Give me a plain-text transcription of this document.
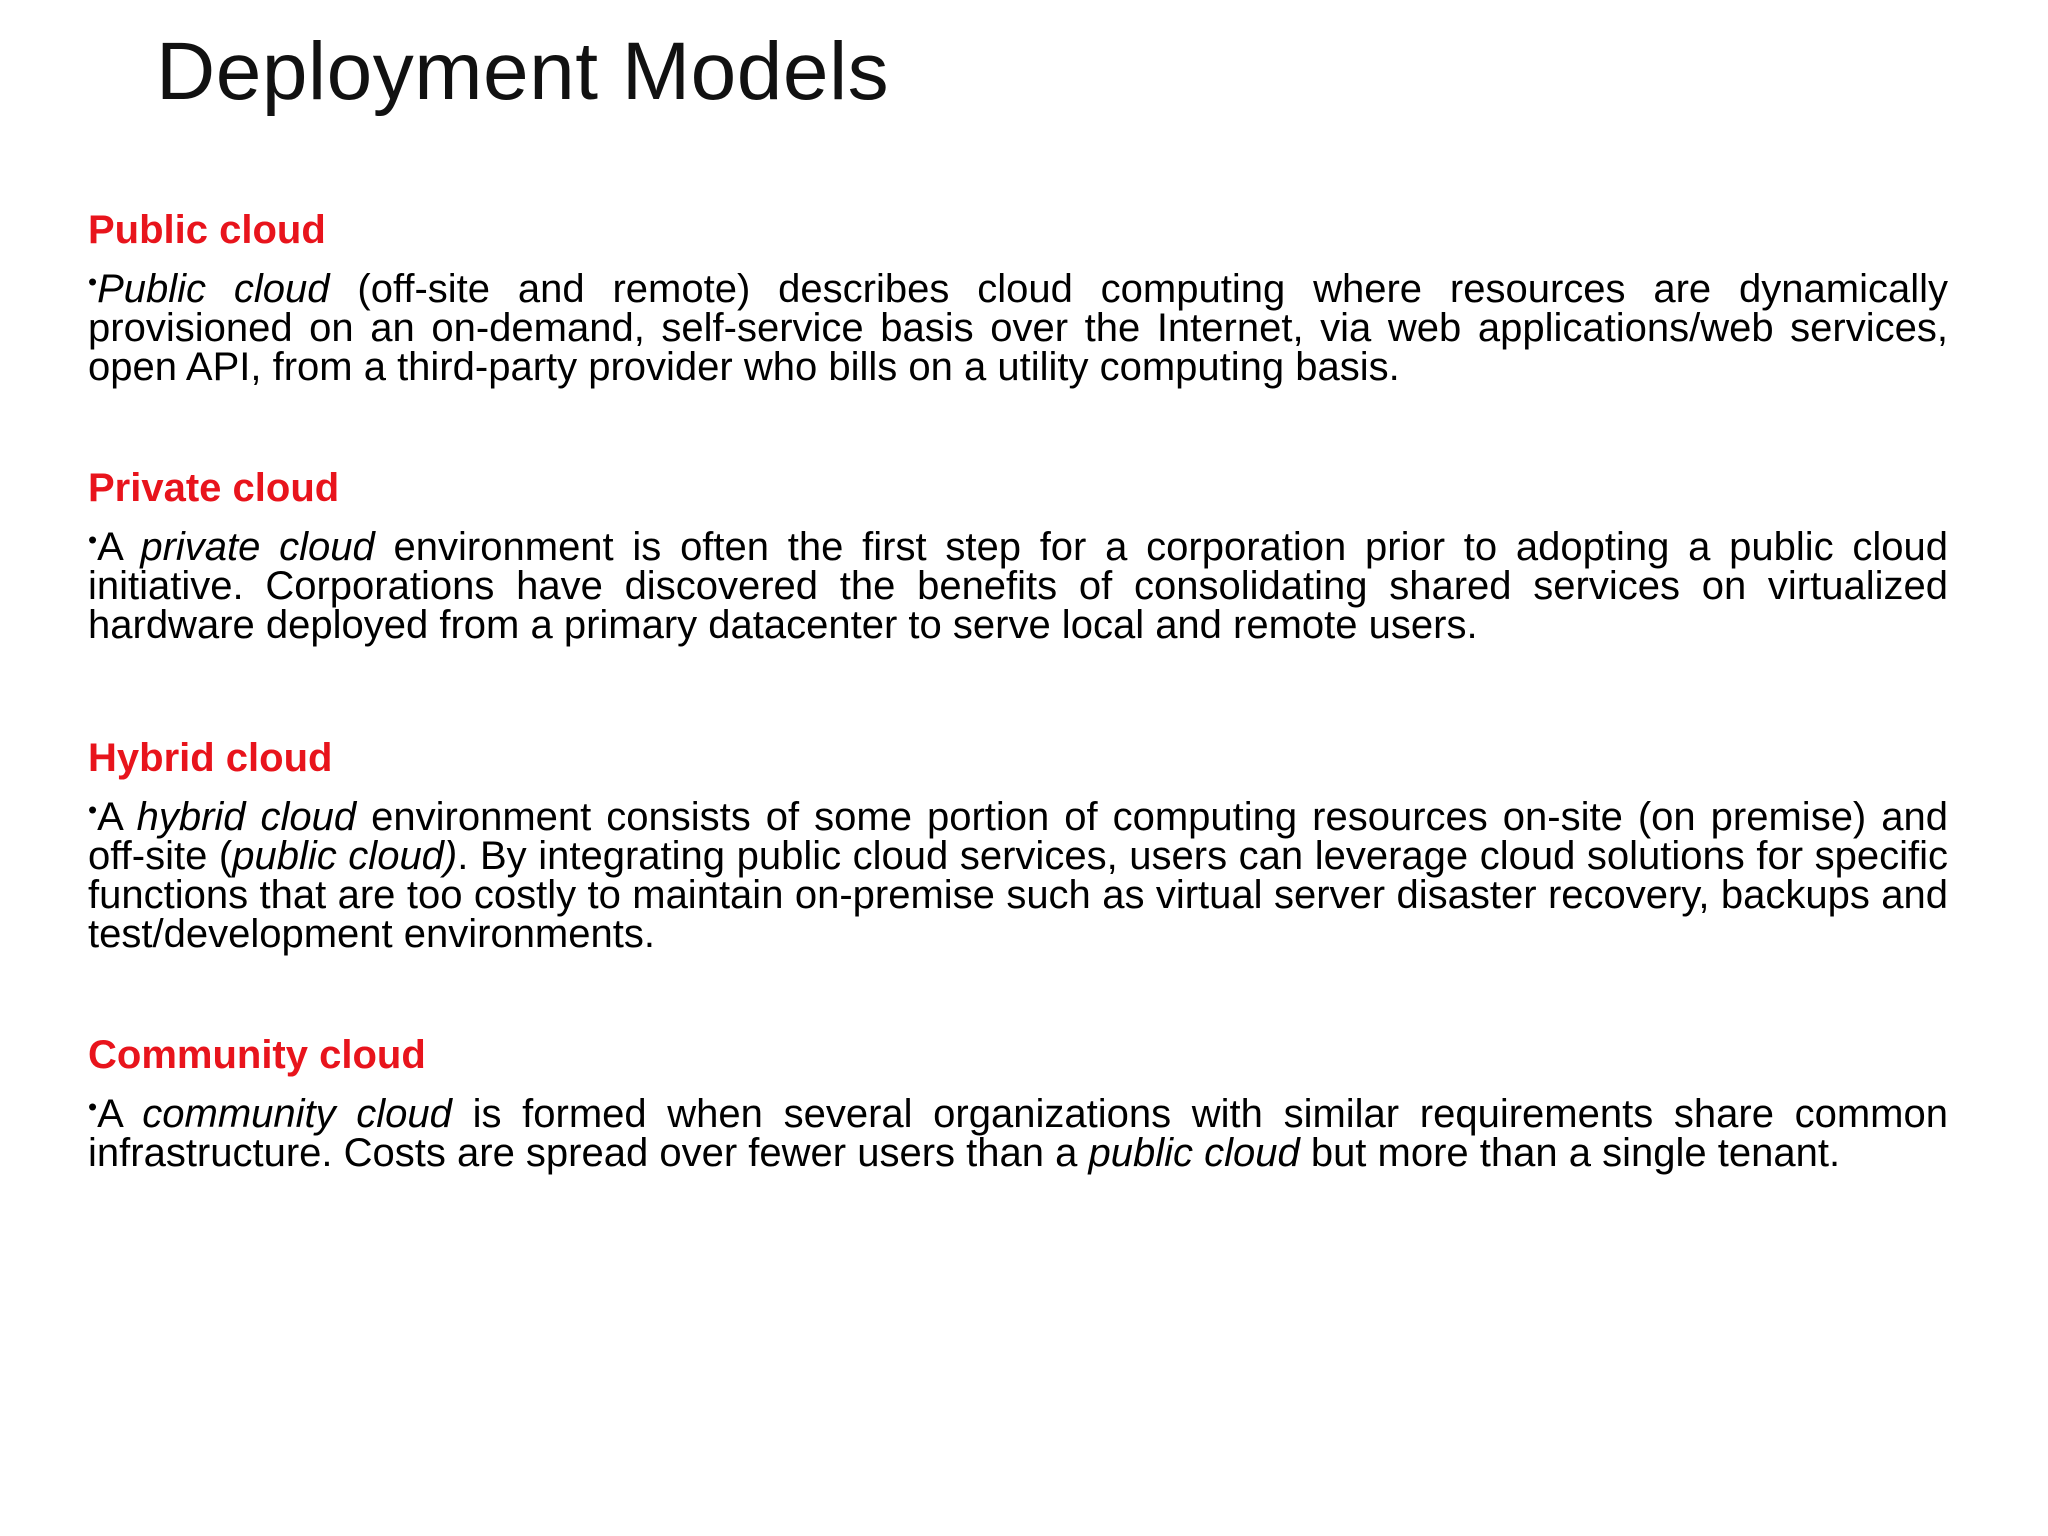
Deployment Models
Public cloud

•Public cloud (off-site and remote) describes cloud computing where resources are dynamically provisioned on an on-demand, self-service basis over the Internet, via web applications/web services, open API, from a third-party provider who bills on a utility computing basis.

Private cloud

•A private cloud environment is often the first step for a corporation prior to adopting a public cloud initiative. Corporations have discovered the benefits of consolidating shared services on virtualized hardware deployed from a primary datacenter to serve local and remote users.

Hybrid cloud

•A hybrid cloud environment consists of some portion of computing resources on-site (on premise) and off-site (public cloud). By integrating public cloud services, users can leverage cloud solutions for specific functions that are too costly to maintain on-premise such as virtual server disaster recovery, backups and test/development environments.

Community cloud

•A community cloud is formed when several organizations with similar requirements share common infrastructure. Costs are spread over fewer users than a public cloud but more than a single tenant.
